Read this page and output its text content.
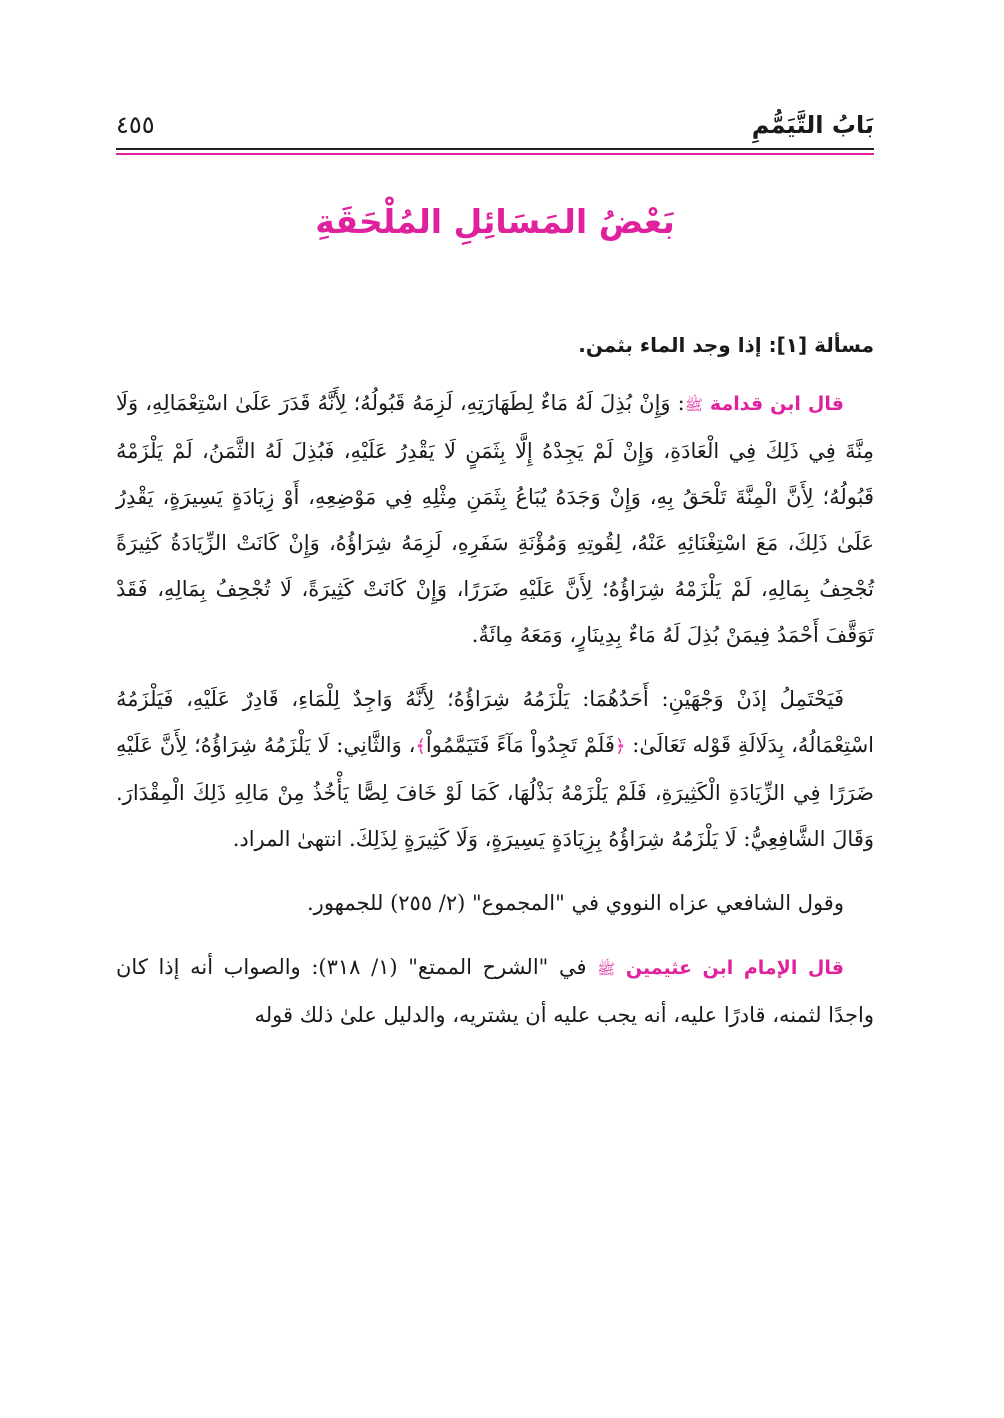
بَابُ التَّيَمُّمِ
٤٥٥
بَعْضُ المَسَائِلِ المُلْحَقَةِ

مسألة [١]: إذا وجد الماء بثمن.

قال ابن قدامة ﷺ: وَإِنْ بُذِلَ لَهُ مَاءٌ لِطَهَارَتِهِ، لَزِمَهُ قَبُولُهُ؛ لِأَنَّهُ قَدَرَ عَلَىٰ اسْتِعْمَالِهِ، وَلَا مِنَّةَ فِي ذَلِكَ فِي الْعَادَةِ، وَإِنْ لَمْ يَجِدْهُ إِلَّا بِثَمَنٍ لَا يَقْدِرُ عَلَيْهِ، فَبُذِلَ لَهُ الثَّمَنُ، لَمْ يَلْزَمْهُ قَبُولُهُ؛ لِأَنَّ الْمِنَّةَ تَلْحَقُ بِهِ، وَإِنْ وَجَدَهُ يُبَاعُ بِثَمَنِ مِثْلِهِ فِي مَوْضِعِهِ، أَوْ زِيَادَةٍ يَسِيرَةٍ، يَقْدِرُ عَلَىٰ ذَلِكَ، مَعَ اسْتِغْنَائِهِ عَنْهُ، لِقُوتِهِ وَمُؤْنَةِ سَفَرِهِ، لَزِمَهُ شِرَاؤُهُ، وَإِنْ كَانَتْ الزِّيَادَةُ كَثِيرَةً تُجْحِفُ بِمَالِهِ، لَمْ يَلْزَمْهُ شِرَاؤُهُ؛ لِأَنَّ عَلَيْهِ ضَرَرًا، وَإِنْ كَانَتْ كَثِيرَةً، لَا تُجْحِفُ بِمَالِهِ، فَقَدْ تَوَقَّفَ أَحْمَدُ فِيمَنْ بُذِلَ لَهُ مَاءٌ بِدِينَارٍ، وَمَعَهُ مِائَةٌ.

فَيَحْتَمِلُ إذَنْ وَجْهَيْنِ: أَحَدُهُمَا: يَلْزَمُهُ شِرَاؤُهُ؛ لِأَنَّهُ وَاجِدٌ لِلْمَاءِ، قَادِرٌ عَلَيْهِ، فَيَلْزَمُهُ اسْتِعْمَالُهُ، بِدَلَالَةِ قَوْله تَعَالَىٰ: ﴿فَلَمْ تَجِدُواْ مَآءً فَتَيَمَّمُواْ﴾، وَالثَّانِي: لَا يَلْزَمُهُ شِرَاؤُهُ؛ لِأَنَّ عَلَيْهِ ضَرَرًا فِي الزِّيَادَةِ الْكَثِيرَةِ، فَلَمْ يَلْزَمْهُ بَذْلُهَا، كَمَا لَوْ خَافَ لِصًّا يَأْخُذُ مِنْ مَالِهِ ذَلِكَ الْمِقْدَارَ. وَقَالَ الشَّافِعِيُّ: لَا يَلْزَمُهُ شِرَاؤُهُ بِزِيَادَةٍ يَسِيرَةٍ، وَلَا كَثِيرَةٍ لِذَلِكَ. انتهىٰ المراد.

وقول الشافعي عزاه النووي في "المجموع" (٢/ ٢٥٥) للجمهور.

قال الإمام ابن عثيمين ﷺ في "الشرح الممتع" (١/ ٣١٨): والصواب أنه إذا كان واجدًا لثمنه، قادرًا عليه، أنه يجب عليه أن يشتريه، والدليل علىٰ ذلك قوله
